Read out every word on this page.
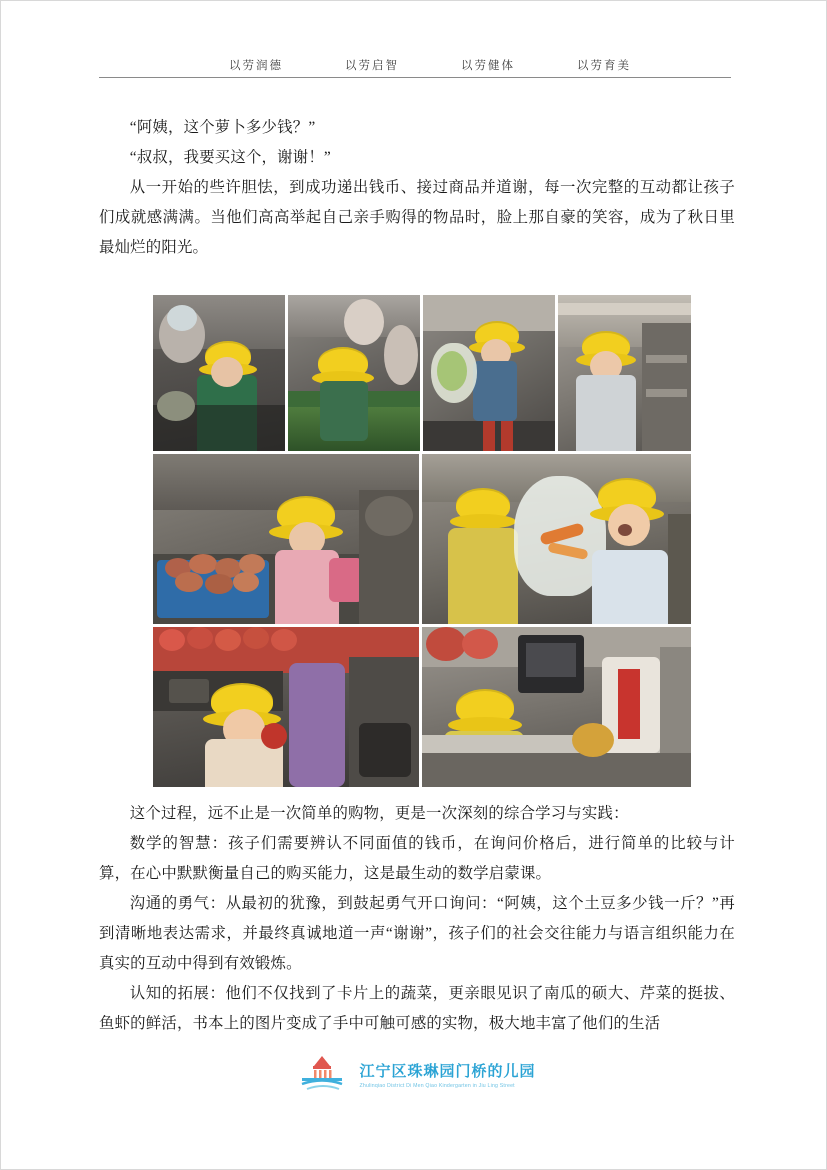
以劳润德	以劳启智	以劳健体	以劳育美

“阿姨，这个萝卜多少钱？”

“叔叔，我要买这个，谢谢！”

从一开始的些许胆怯，到成功递出钱币、接过商品并道谢，每一次完整的互动都让孩子们成就感满满。当他们高高举起自己亲手购得的物品时，脸上那自豪的笑容，成为了秋日里最灿烂的阳光。

这个过程，远不止是一次简单的购物，更是一次深刻的综合学习与实践：

数学的智慧：孩子们需要辨认不同面值的钱币，在询问价格后，进行简单的比较与计算，在心中默默衡量自己的购买能力，这是最生动的数学启蒙课。

沟通的勇气：从最初的犹豫，到鼓起勇气开口询问：“阿姨，这个土豆多少钱一斤？”再到清晰地表达需求，并最终真诚地道一声“谢谢”，孩子们的社会交往能力与语言组织能力在真实的互动中得到有效锻炼。

认知的拓展：他们不仅找到了卡片上的蔬菜，更亲眼见识了南瓜的硕大、芹菜的挺拔、鱼虾的鲜活，书本上的图片变成了手中可触可感的实物，极大地丰富了他们的生活

江宁区珠琳园门桥的儿园
Zhulinqiao District Di Men Qiao Kindergarten in Jiu Ling Street
